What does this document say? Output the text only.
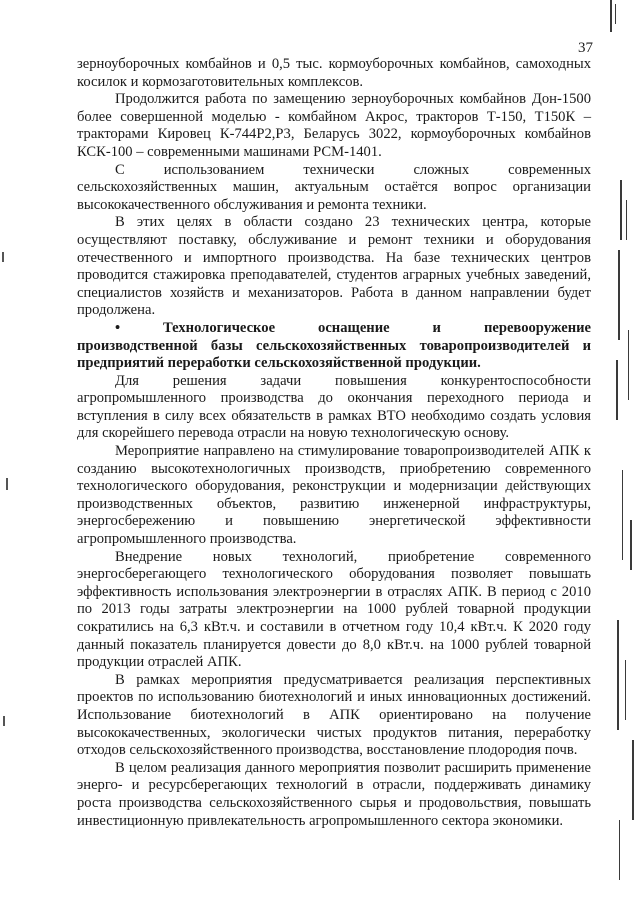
37

зерноуборочных комбайнов и 0,5 тыс. кормоуборочных комбайнов, самоходных косилок и кормозаготовительных комплексов.

Продолжится работа по замещению зерноуборочных комбайнов Дон-1500 более совершенной моделью - комбайном Акрос, тракторов Т-150, Т150К – тракторами Кировец К-744Р2,Р3, Беларусь 3022, кормоуборочных комбайнов КСК-100 – современными машинами РСМ-1401.

С использованием технически сложных современных сельскохозяйственных машин, актуальным остаётся вопрос организации высококачественного обслуживания и ремонта техники.

В этих целях в области создано 23 технических центра, которые осуществляют поставку, обслуживание и ремонт техники и оборудования отечественного и импортного производства. На базе технических центров проводится стажировка преподавателей, студентов аграрных учебных заведений, специалистов хозяйств и механизаторов. Работа в данном направлении будет продолжена.

•	Технологическое оснащение и перевооружение производственной базы сельскохозяйственных товаропроизводителей и предприятий переработки сельскохозяйственной продукции.

Для решения задачи повышения конкурентоспособности агропромышленного производства до окончания переходного периода и вступления в силу всех обязательств в рамках ВТО необходимо создать условия для скорейшего перевода отрасли на новую технологическую основу.

Мероприятие направлено на стимулирование товаропроизводителей АПК к созданию высокотехнологичных производств, приобретению современного технологического оборудования, реконструкции и модернизации действующих производственных объектов, развитию инженерной инфраструктуры, энергосбережению и повышению энергетической эффективности агропромышленного производства.

Внедрение новых технологий, приобретение современного энергосберегающего технологического оборудования позволяет повышать эффективность использования электроэнергии в отраслях АПК. В период с 2010 по 2013 годы затраты электроэнергии на 1000 рублей товарной продукции сократились на 6,3 кВт.ч. и составили в отчетном году 10,4 кВт.ч. К 2020 году данный показатель планируется довести до 8,0 кВт.ч. на 1000 рублей товарной продукции отраслей АПК.

В рамках мероприятия предусматривается реализация перспективных проектов по использованию биотехнологий и иных инновационных достижений. Использование биотехнологий в АПК ориентировано на получение высококачественных, экологически чистых продуктов питания, переработку отходов сельскохозяйственного производства, восстановление плодородия почв.

В целом реализация данного мероприятия позволит расширить применение энерго- и ресурсберегающих технологий в отрасли, поддерживать динамику роста производства сельскохозяйственного сырья и продовольствия, повышать инвестиционную привлекательность агропромышленного сектора экономики.
